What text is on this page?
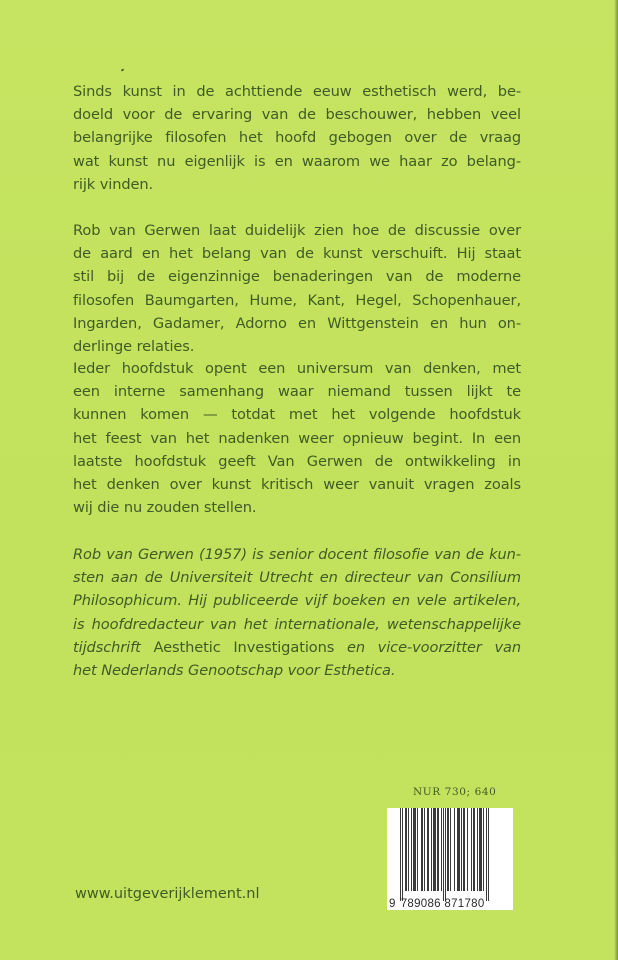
Sinds kunst in de achttiende eeuw esthetisch werd, be-
doeld voor de ervaring van de beschouwer, hebben veel
belangrijke filosofen het hoofd gebogen over de vraag
wat kunst nu eigenlijk is en waarom we haar zo belang-
rijk vinden.
Rob van Gerwen laat duidelijk zien hoe de discussie over
de aard en het belang van de kunst verschuift. Hij staat
stil bij de eigenzinnige benaderingen van de moderne
filosofen Baumgarten, Hume, Kant, Hegel, Schopenhauer,
Ingarden, Gadamer, Adorno en Wittgenstein en hun on-
derlinge relaties.
Ieder hoofdstuk opent een universum van denken, met
een interne samenhang waar niemand tussen lijkt te
kunnen komen — totdat met het volgende hoofdstuk
het feest van het nadenken weer opnieuw begint. In een
laatste hoofdstuk geeft Van Gerwen de ontwikkeling in
het denken over kunst kritisch weer vanuit vragen zoals
wij die nu zouden stellen.
Rob van Gerwen (1957) is senior docent filosofie van de kun-
sten aan de Universiteit Utrecht en directeur van Consilium
Philosophicum. Hij publiceerde vijf boeken en vele artikelen,
is hoofdredacteur van het internationale, wetenschappelijke
tijdschrift Aesthetic Investigations en vice-voorzitter van
het Nederlands Genootschap voor Esthetica.
NUR 730; 640
9 789086 871780
www.uitgeverijklement.nl
